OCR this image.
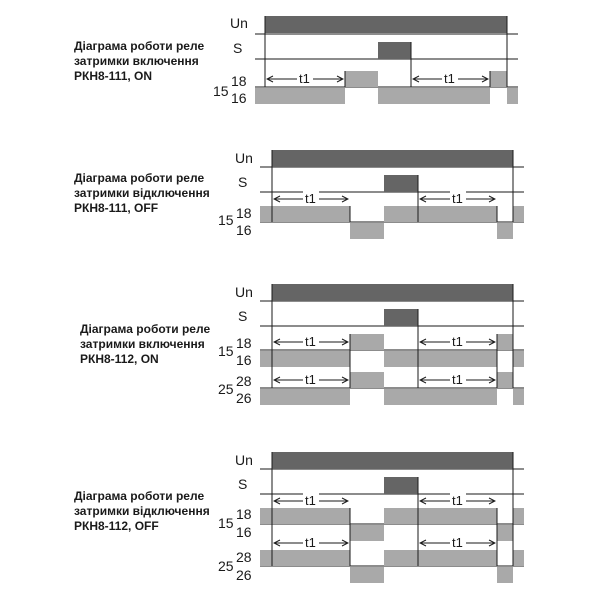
Діаграма роботи реле
затримки включення
РКН8-111, ON
Un
S
15
18
16
t1	t1
Діаграма роботи реле
затримки відключення
РКН8-111, OFF
Un
S
15 18
16
t1	t1
Діаграма роботи реле
затримки включення
РКН8-112, ON
Un
S
15 18
16
25 28
26
t1	t1
t1	t1
Діаграма роботи реле
затримки відключення
РКН8-112, OFF
Un
S
15
18
16
25
28
26
t1	t1
t1	t1
